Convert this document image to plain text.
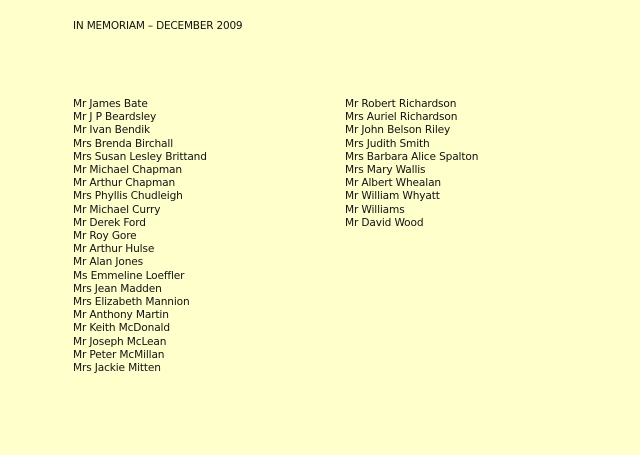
IN MEMORIAM – DECEMBER 2009
Mr James Bate
Mr J P Beardsley
Mr Ivan Bendik
Mrs Brenda Birchall
Mrs Susan Lesley Brittand
Mr Michael Chapman
Mr Arthur Chapman
Mrs Phyllis Chudleigh
Mr Michael Curry
Mr Derek Ford
Mr Roy Gore
Mr Arthur Hulse
Mr Alan Jones
Ms Emmeline Loeffler
Mrs Jean Madden
Mrs Elizabeth Mannion
Mr Anthony Martin
Mr Keith McDonald
Mr Joseph McLean
Mr Peter McMillan
Mrs Jackie Mitten
Mr Robert Richardson
Mrs Auriel Richardson
Mr John Belson Riley
Mrs Judith Smith
Mrs Barbara Alice Spalton
Mrs Mary Wallis
Mr Albert Whealan
Mr William Whyatt
Mr Williams
Mr David Wood
